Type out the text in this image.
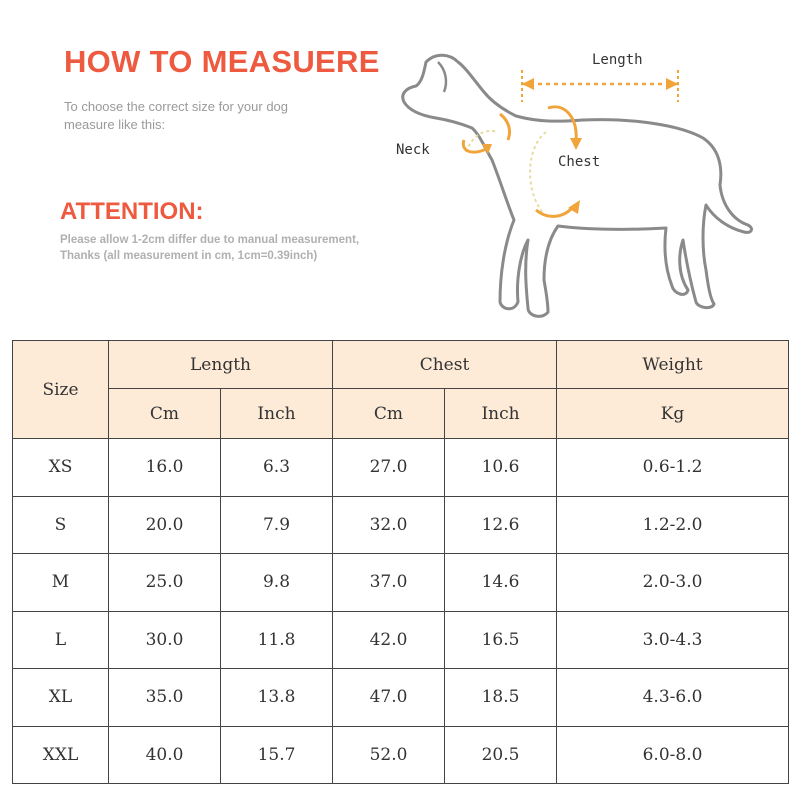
HOW TO MEASUERE
To choose the correct size for your dog
measure like this:
ATTENTION:
Please allow 1-2cm differ due to manual measurement,
Thanks (all measurement in cm, 1cm=0.39inch)
Length
Neck
Chest
Size	Length		Chest		Weight
	Cm	Inch	Cm	Inch	Kg
XS	16.0	6.3	27.0	10.6	0.6-1.2
S	20.0	7.9	32.0	12.6	1.2-2.0
M	25.0	9.8	37.0	14.6	2.0-3.0
L	30.0	11.8	42.0	16.5	3.0-4.3
XL	35.0	13.8	47.0	18.5	4.3-6.0
XXL	40.0	15.7	52.0	20.5	6.0-8.0
